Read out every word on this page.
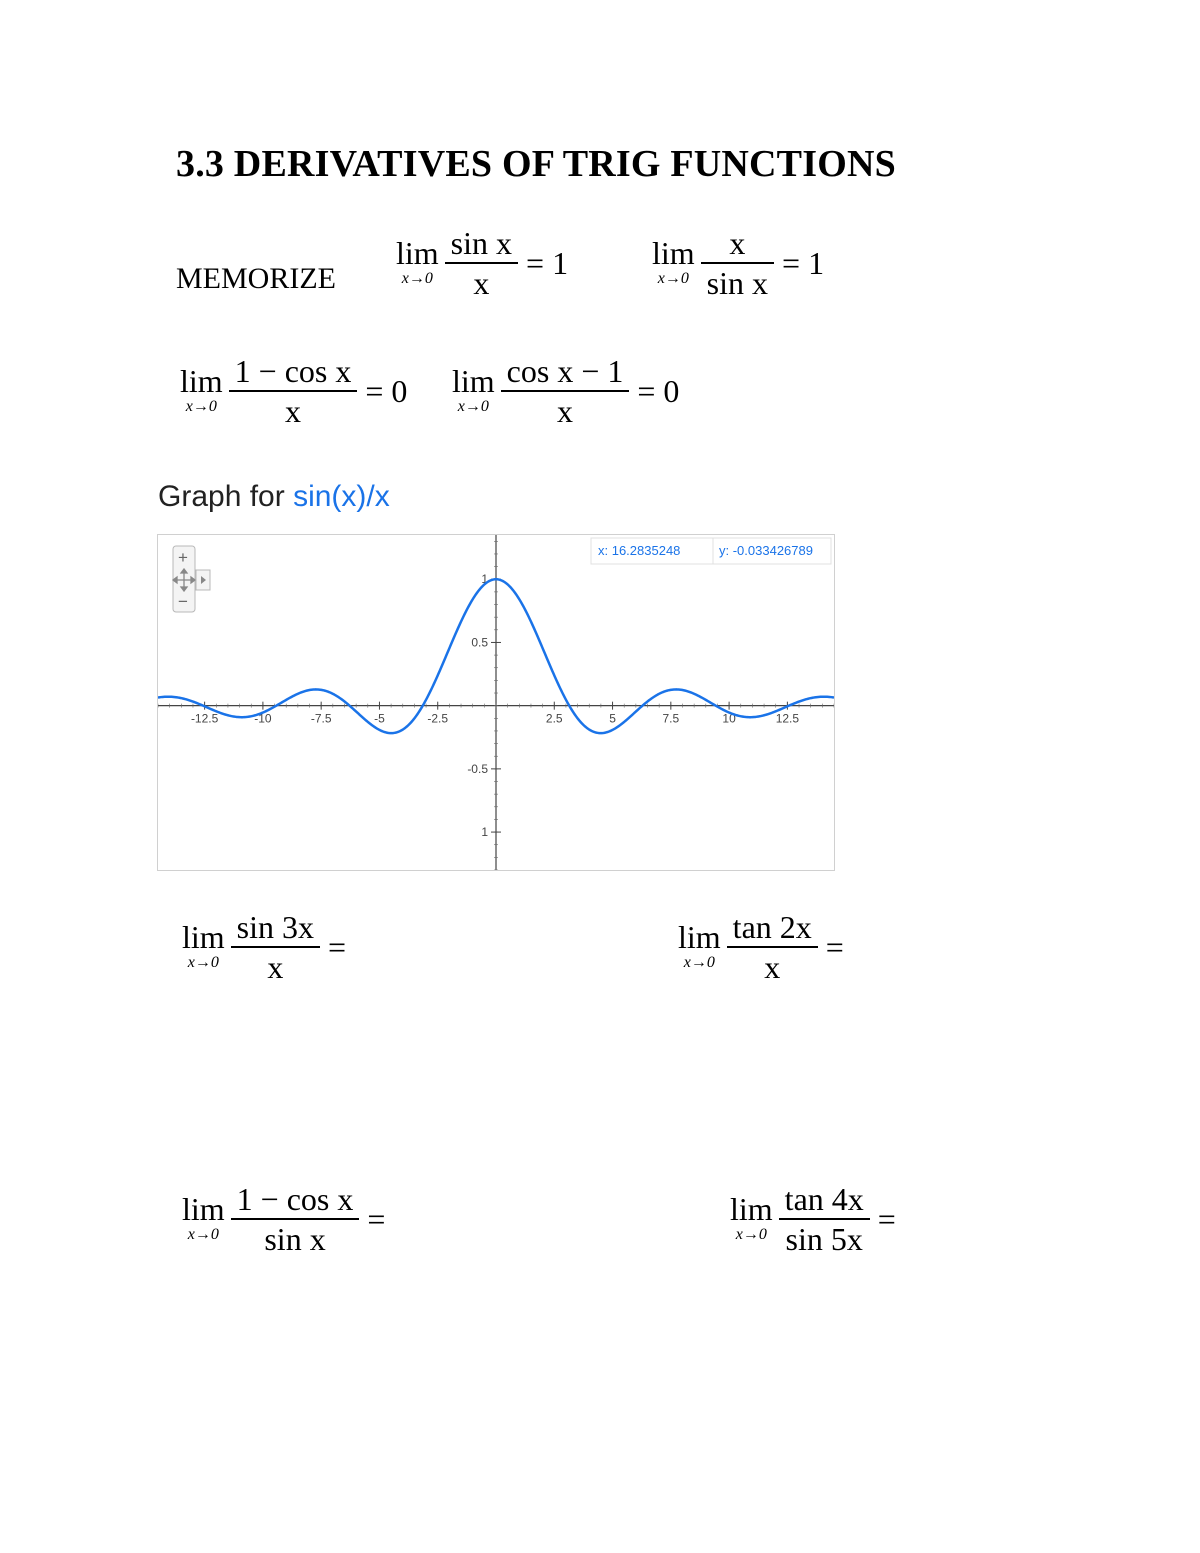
3.3 DERIVATIVES OF TRIG FUNCTIONS
MEMORIZE
lim
$x\to 0 \frac{\text{sin x}}{x} = 1$	lim
$x\to 0 \frac{x}{\text{sin x}} = 1$
lim
$x\to 0 \frac{\text{1 − cos x}}{x} = 0$ lim
$x\to 0 \frac{\text{cos x − 1}}{x} = 0$
Graph for sin(x)/x
-12.5	-10	-7.5	-5	-2.5	2.5	5	7.5	10	12.5
1
0.5
-0.5
1
x: 16.2835248	y: -0.033426789
+
−
lim
$x\to 0 \frac{\sin 3x}{x}$ =	lim
$x\to 0 \frac{\tan 2x}{x}$ =
lim
$x\to 0 \frac{\text{1 − cos x}}{\text{sin x}}$ =	lim
$x\to 0 \frac{\tan 4x}{\sin 5x}$ =
